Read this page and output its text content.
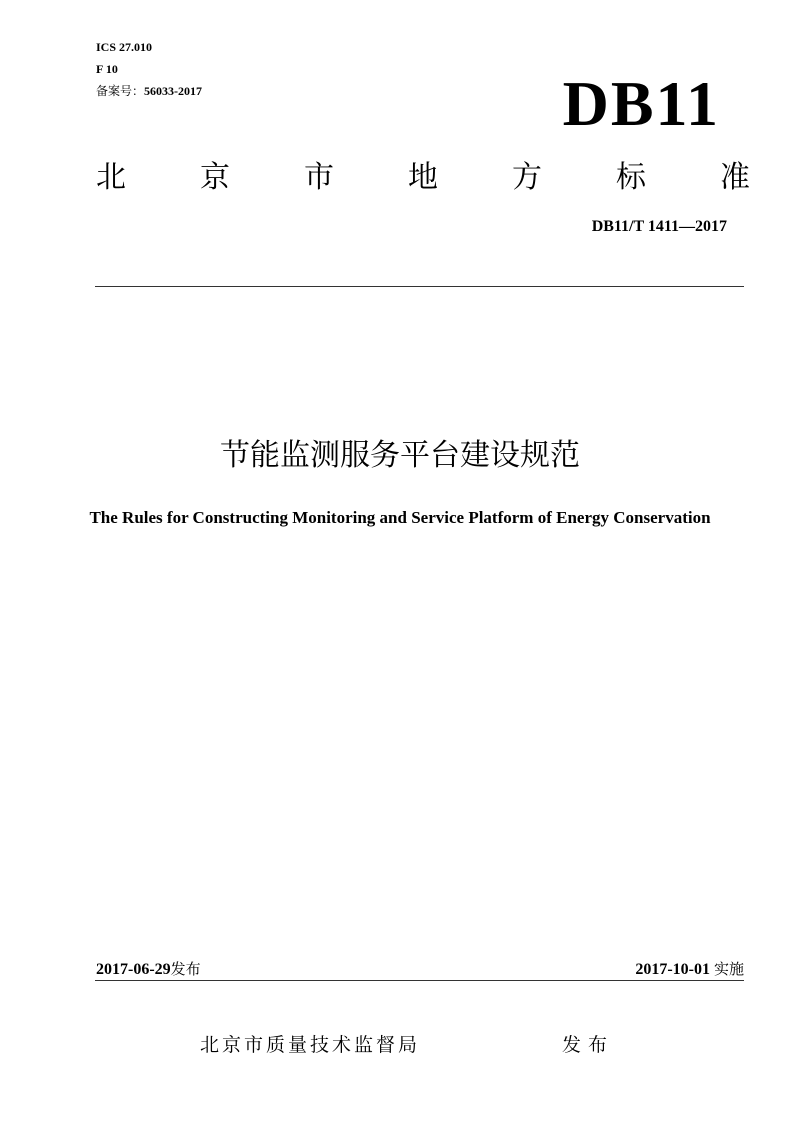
ICS 27.010
F 10
备案号：56033-2017	DB11
北 京 市 地 方 标 准
DB11/T 1411—2017
节能监测服务平台建设规范
The Rules for Constructing Monitoring and Service Platform of Energy Conservation
2017-06-29发布	2017-10-01 实施
北京市质量技术监督局	发布
